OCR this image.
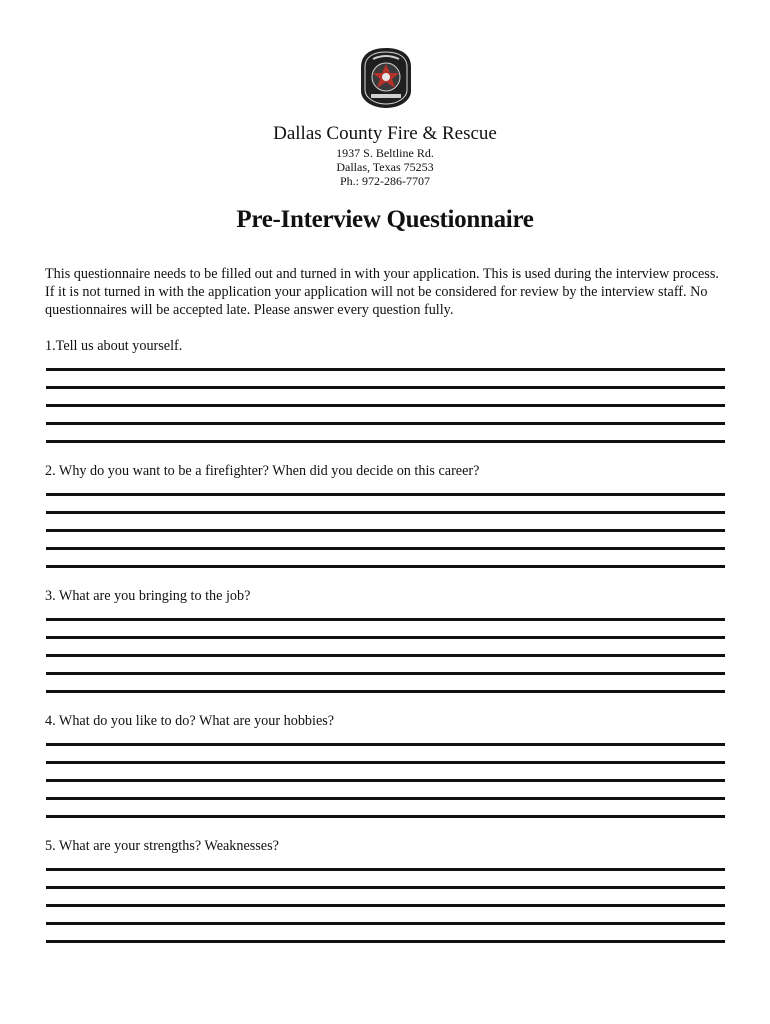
Dallas County Fire & Rescue

1937 S. Beltline Rd.

Dallas, Texas 75253

Ph.: 972-286-7707

Pre-Interview Questionnaire

This questionnaire needs to be filled out and turned in with your application. This is used during the interview process. If it is not turned in with the application your application will not be considered for review by the interview staff. No questionnaires will be accepted late. Please answer every question fully.

1.Tell us about yourself.

2. Why do you want to be a firefighter? When did you decide on this career?

3. What are you bringing to the job?

4. What do you like to do? What are your hobbies?

5. What are your strengths? Weaknesses?
